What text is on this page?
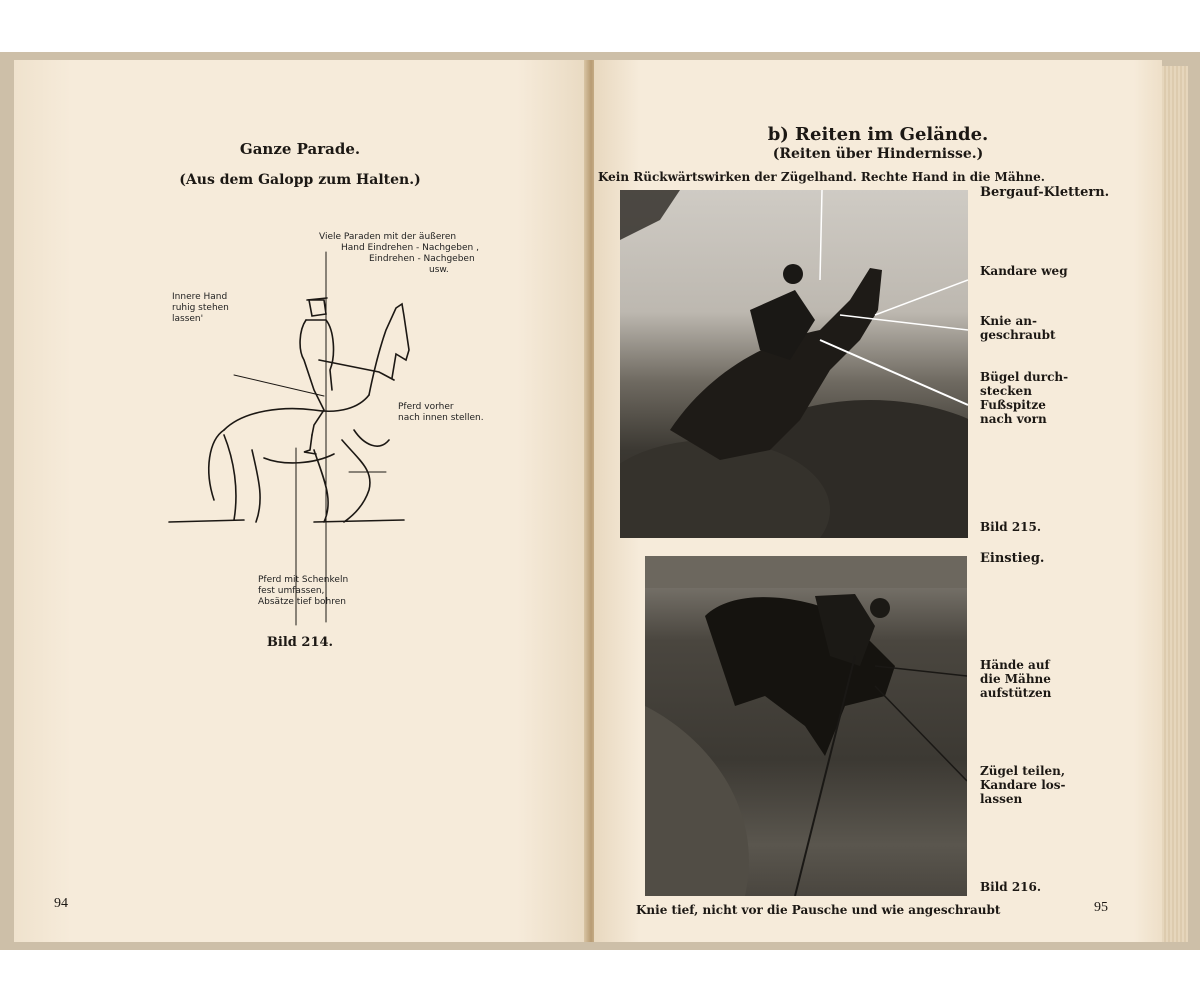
Ganze Parade.
(Aus dem Galopp zum Halten.)
Viele Paraden mit der äußeren
Hand Eindrehen - Nachgeben ,
Eindrehen - Nachgeben
usw.
Innere Hand
ruhig stehen
lassen'
Pferd vorher
nach innen stellen.
Pferd mit Schenkeln
fest umfassen,
Absätze tief bohren
Bild 214.
94
b) Reiten im Gelände.
(Reiten über Hindernisse.)
Kein Rückwärtswirken der Zügelhand. Rechte Hand in die Mähne.
Bergauf-Klettern.
Kandare weg
Knie an-
geschraubt
Bügel durch-
stecken
Fußspitze
nach vorn
Bild 215.
Einstieg.
Hände auf
die Mähne
aufstützen
Zügel teilen,
Kandare los-
lassen
Bild 216.
Knie tief, nicht vor die Pausche und wie angeschraubt	95
